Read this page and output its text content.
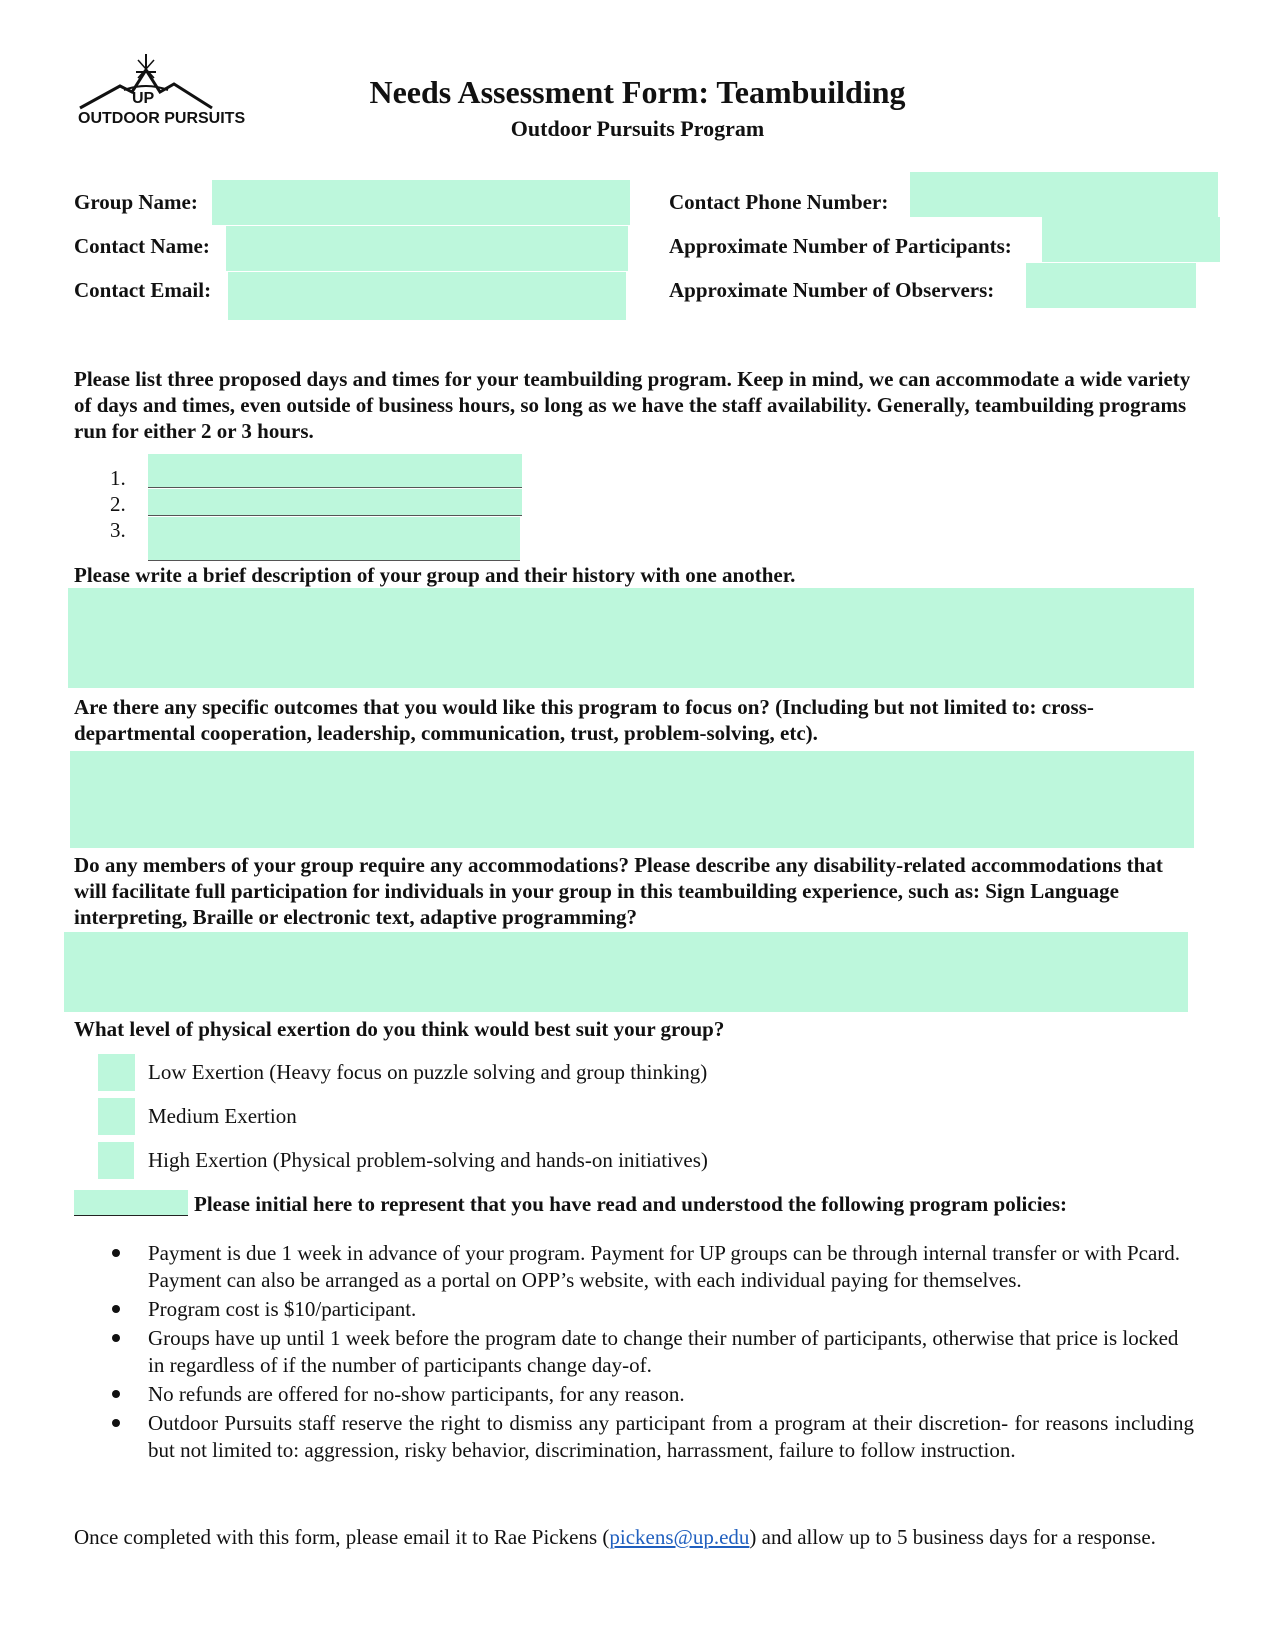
UP
OUTDOOR PURSUITS
Needs Assessment Form: Teambuilding
Outdoor Pursuits Program
Group Name:
Contact Name:
Contact Email:
Contact Phone Number:
Approximate Number of Participants:
Approximate Number of Observers:
Please list three proposed days and times for your teambuilding program. Keep in mind, we can accommodate a wide variety of days and times, even outside of business hours, so long as we have the staff availability. Generally, teambuilding programs run for either 2 or 3 hours.
1.
2.
3.
Please write a brief description of your group and their history with one another.
Are there any specific outcomes that you would like this program to focus on? (Including but not limited to: cross-departmental cooperation, leadership, communication, trust, problem-solving, etc).
Do any members of your group require any accommodations? Please describe any disability-related accommodations that will facilitate full participation for individuals in your group in this teambuilding experience, such as: Sign Language interpreting, Braille or electronic text, adaptive programming?
What level of physical exertion do you think would best suit your group?
Low Exertion (Heavy focus on puzzle solving and group thinking)
Medium Exertion
High Exertion (Physical problem-solving and hands-on initiatives)
Please initial here to represent that you have read and understood the following program policies:
Payment is due 1 week in advance of your program. Payment for UP groups can be through internal transfer or with Pcard. Payment can also be arranged as a portal on OPP’s website, with each individual paying for themselves.
Program cost is $10/participant.
Groups have up until 1 week before the program date to change their number of participants, otherwise that price is locked in regardless of if the number of participants change day-of.
No refunds are offered for no-show participants, for any reason.
Outdoor Pursuits staff reserve the right to dismiss any participant from a program at their discretion- for reasons including but not limited to: aggression, risky behavior, discrimination, harrassment, failure to follow instruction.
Once completed with this form, please email it to Rae Pickens (pickens@up.edu) and allow up to 5 business days for a response.
